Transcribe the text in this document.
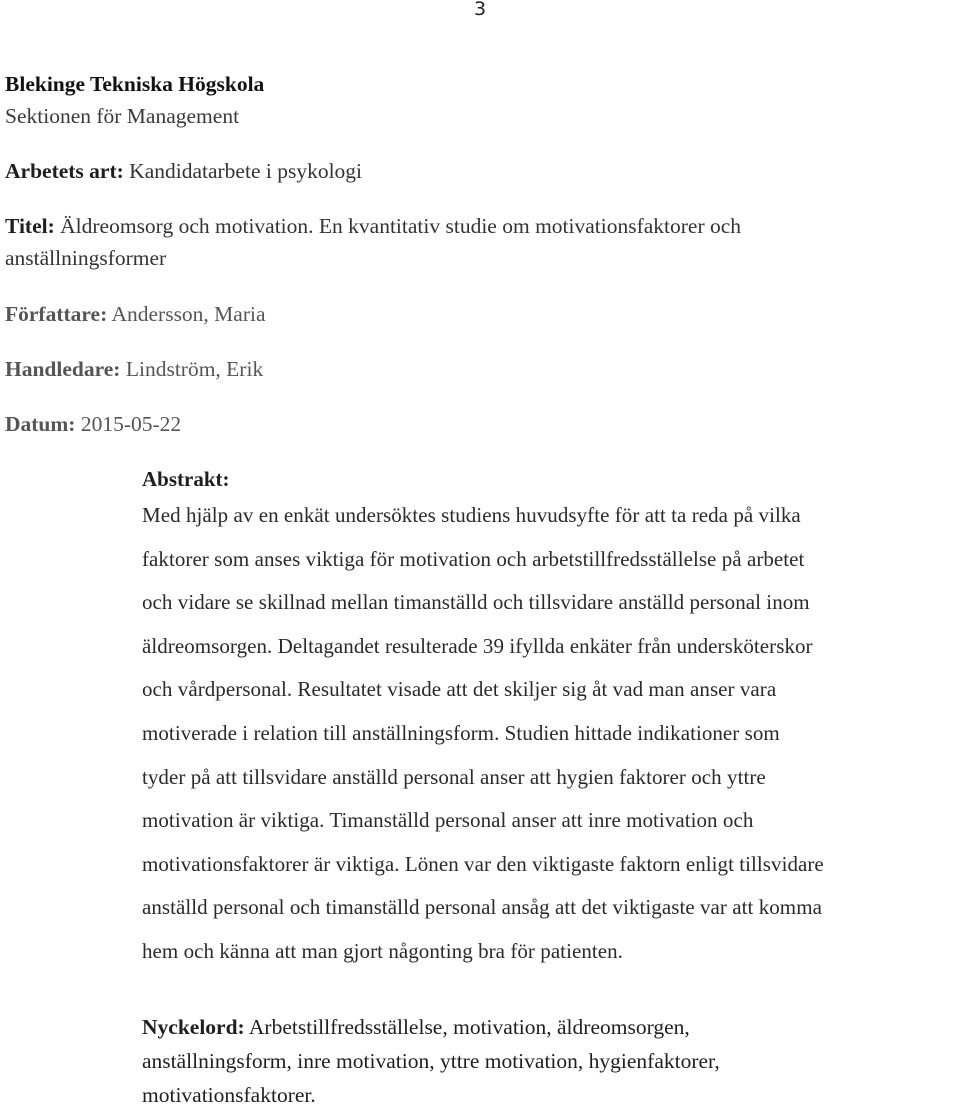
3
Blekinge Tekniska Högskola
Sektionen för Management
Arbetets art: Kandidatarbete i psykologi
Titel: Äldreomsorg och motivation. En kvantitativ studie om motivationsfaktorer och
anställningsformer
Författare: Andersson, Maria
Handledare: Lindström, Erik
Datum: 2015-05-22
Abstrakt:

Med hjälp av en enkät undersöktes studiens huvudsyfte för att ta reda på vilka
faktorer som anses viktiga för motivation och arbetstillfredsställelse på arbetet
och vidare se skillnad mellan timanställd och tillsvidare anställd personal inom
äldreomsorgen. Deltagandet resulterade 39 ifyllda enkäter från undersköterskor
och vårdpersonal. Resultatet visade att det skiljer sig åt vad man anser vara
motiverade i relation till anställningsform. Studien hittade indikationer som
tyder på att tillsvidare anställd personal anser att hygien faktorer och yttre
motivation är viktiga. Timanställd personal anser att inre motivation och
motivationsfaktorer är viktiga. Lönen var den viktigaste faktorn enligt tillsvidare
anställd personal och timanställd personal ansåg att det viktigaste var att komma
hem och känna att man gjort någonting bra för patienten.

Nyckelord: Arbetstillfredsställelse, motivation, äldreomsorgen,
anställningsform, inre motivation, yttre motivation, hygienfaktorer,
motivationsfaktorer.
